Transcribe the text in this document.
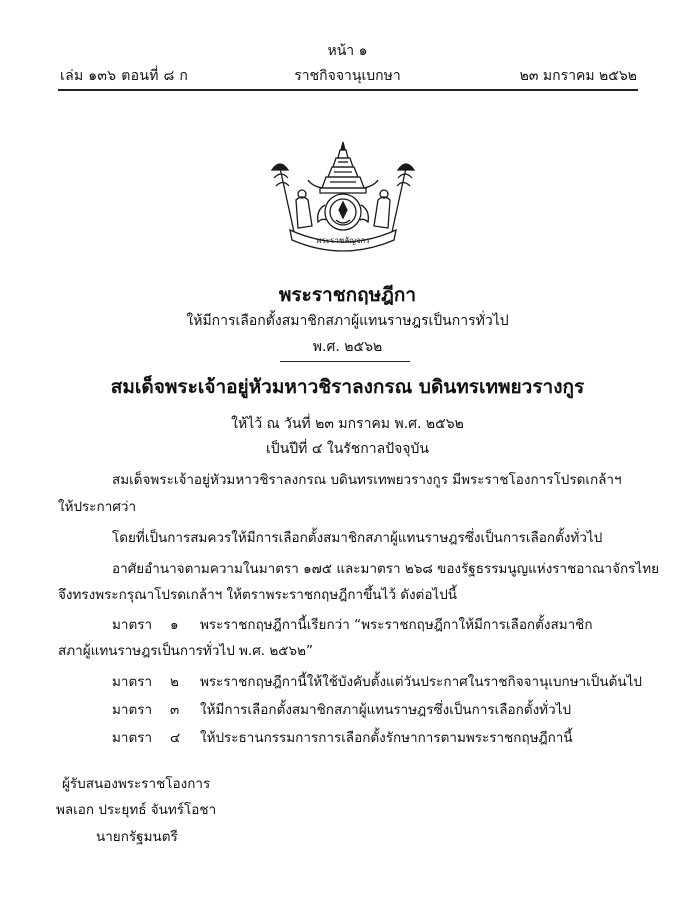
หน้า ๑
เล่ม ๑๓๖ ตอนที่ ๘ ก	ราชกิจจานุเบกษา	๒๓ มกราคม ๒๕๖๒
พระราชลัญจกร
พระราชกฤษฎีกา
ให้มีการเลือกตั้งสมาชิกสภาผู้แทนราษฎรเป็นการทั่วไป
พ.ศ. ๒๕๖๒
สมเด็จพระเจ้าอยู่หัวมหาวชิราลงกรณ บดินทรเทพยวรางกูร
ให้ไว้ ณ วันที่ ๒๓ มกราคม พ.ศ. ๒๕๖๒
เป็นปีที่ ๔ ในรัชกาลปัจจุบัน
สมเด็จพระเจ้าอยู่หัวมหาวชิราลงกรณ บดินทรเทพยวรางกูร มีพระราชโองการโปรดเกล้าฯ
ให้ประกาศว่า
โดยที่เป็นการสมควรให้มีการเลือกตั้งสมาชิกสภาผู้แทนราษฎรซึ่งเป็นการเลือกตั้งทั่วไป
อาศัยอำนาจตามความในมาตรา ๑๗๕ และมาตรา ๒๖๘ ของรัฐธรรมนูญแห่งราชอาณาจักรไทย
จึงทรงพระกรุณาโปรดเกล้าฯ ให้ตราพระราชกฤษฎีกาขึ้นไว้ ดังต่อไปนี้
มาตรา ๑ พระราชกฤษฎีกานี้เรียกว่า “พระราชกฤษฎีกาให้มีการเลือกตั้งสมาชิก
สภาผู้แทนราษฎรเป็นการทั่วไป พ.ศ. ๒๕๖๒”
มาตรา ๒ พระราชกฤษฎีกานี้ให้ใช้บังคับตั้งแต่วันประกาศในราชกิจจานุเบกษาเป็นต้นไป
มาตรา ๓ ให้มีการเลือกตั้งสมาชิกสภาผู้แทนราษฎรซึ่งเป็นการเลือกตั้งทั่วไป
มาตรา ๔ ให้ประธานกรรมการการเลือกตั้งรักษาการตามพระราชกฤษฎีกานี้
ผู้รับสนองพระราชโองการ
พลเอก ประยุทธ์ จันทร์โอชา
นายกรัฐมนตรี
